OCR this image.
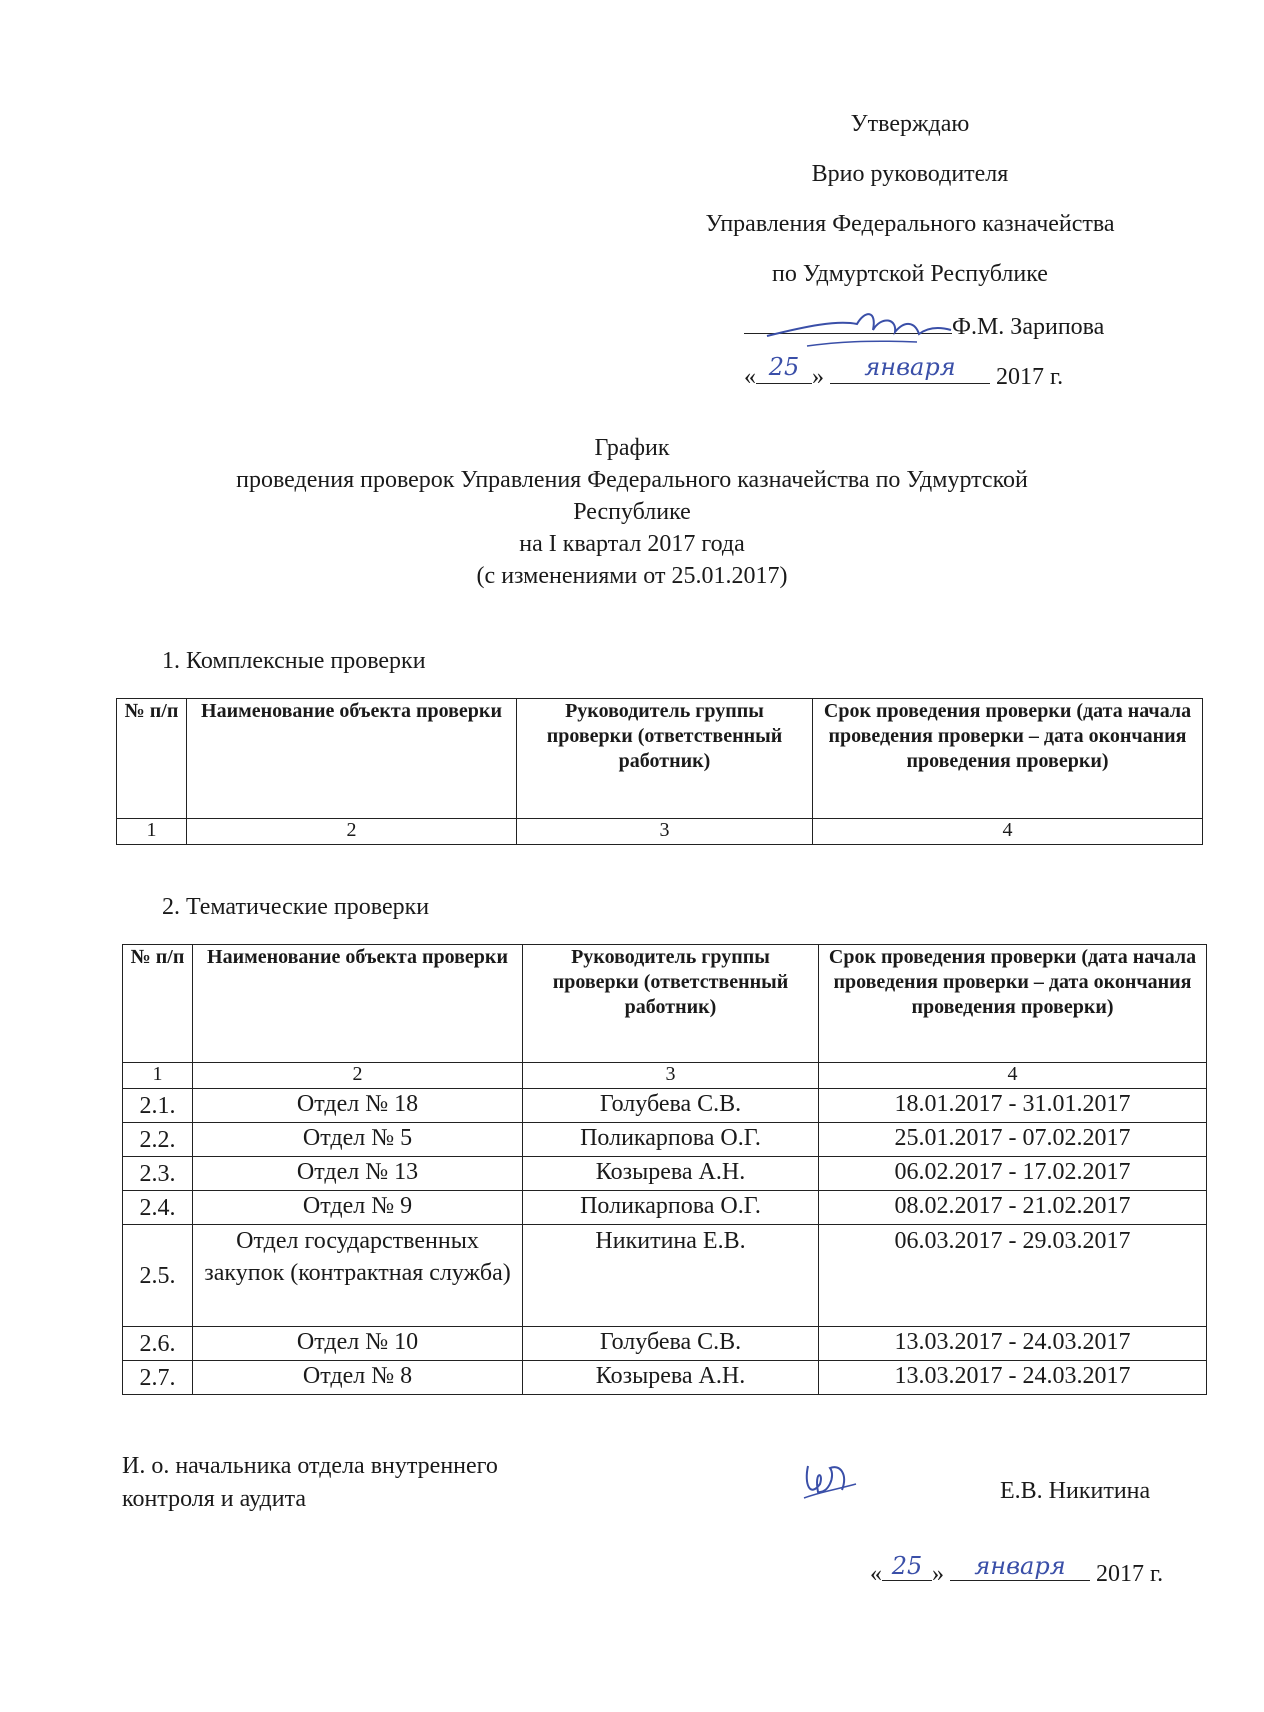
Утверждаю
Врио руководителя
Управления Федерального казначейства
по Удмуртской Республике
Ф.М. Зарипова
« 25 »	января	2017 г.
График
проведения проверок Управления Федерального казначейства по Удмуртской
Республике
на I квартал 2017 года
(с изменениями от 25.01.2017)
1. Комплексные проверки
№ п/п	Наименование объекта проверки	Руководитель группы проверки (ответственный работник)	Срок проведения проверки (дата начала проведения проверки – дата окончания проведения проверки)
1	2	3	4
2. Тематические проверки
№ п/п	Наименование объекта проверки	Руководитель группы проверки (ответственный работник)	Срок проведения проверки (дата начала проведения проверки – дата окончания проведения проверки)
1	2	3	4
2.1.	Отдел № 18	Голубева С.В.	18.01.2017 - 31.01.2017
2.2.	Отдел № 5	Поликарпова О.Г.	25.01.2017 - 07.02.2017
2.3.	Отдел № 13	Козырева А.Н.	06.02.2017 - 17.02.2017
2.4.	Отдел № 9	Поликарпова О.Г.	08.02.2017 - 21.02.2017
2.5.	Отдел государственных закупок (контрактная служба)	Никитина Е.В.	06.03.2017 - 29.03.2017
2.6.	Отдел № 10	Голубева С.В.	13.03.2017 - 24.03.2017
2.7.	Отдел № 8	Козырева А.Н.	13.03.2017 - 24.03.2017
И. о. начальника отдела внутреннего
контроля и аудита	Е.В. Никитина
« 25 »	января	2017 г.
